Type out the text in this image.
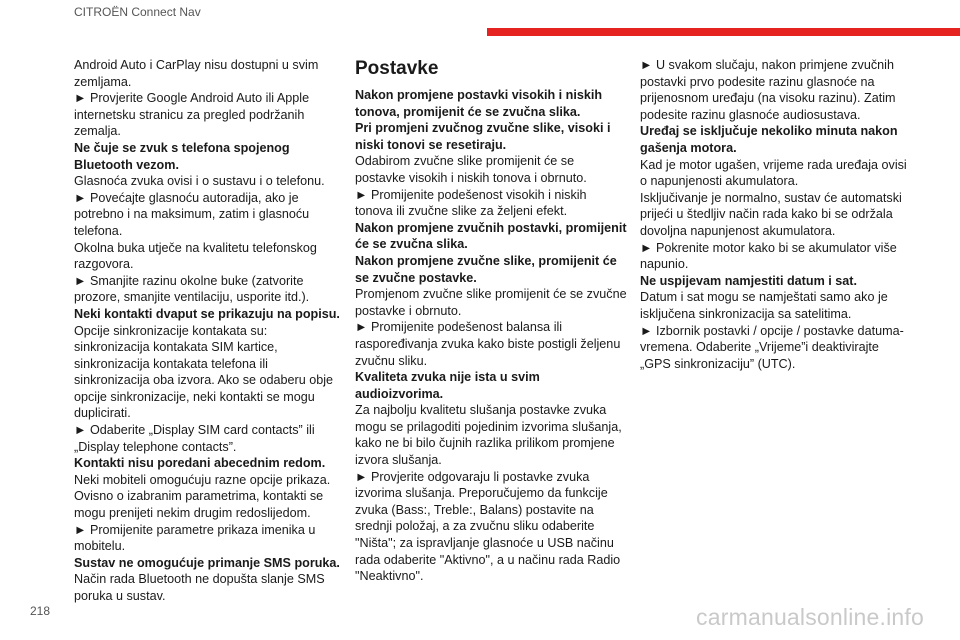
CITROËN Connect Nav

Android Auto i CarPlay nisu dostupni u svim zemljama.

► Provjerite Google Android Auto ili Apple internetsku stranicu za pregled podržanih zemalja.

Ne čuje se zvuk s telefona spojenog Bluetooth vezom.

Glasnoća zvuka ovisi i o sustavu i o telefonu.

► Povećajte glasnoću autoradija, ako je potrebno i na maksimum, zatim i glasnoću telefona.

Okolna buka utječe na kvalitetu telefonskog razgovora.

► Smanjite razinu okolne buke (zatvorite prozore, smanjite ventilaciju, usporite itd.).

Neki kontakti dvaput se prikazuju na popisu.

Opcije sinkronizacije kontakata su: sinkronizacija kontakata SIM kartice, sinkronizacija kontakata telefona ili sinkronizacija oba izvora. Ako se odaberu obje opcije sinkronizacije, neki kontakti se mogu duplicirati.

► Odaberite „Display SIM card contacts” ili „Display telephone contacts”.

Kontakti nisu poredani abecednim redom.

Neki mobiteli omogućuju razne opcije prikaza. Ovisno o izabranim parametrima, kontakti se mogu prenijeti nekim drugim redoslijedom.

► Promijenite parametre prikaza imenika u mobitelu.

Sustav ne omogućuje primanje SMS poruka.

Način rada Bluetooth ne dopušta slanje SMS poruka u sustav.

Postavke

Nakon promjene postavki visokih i niskih tonova, promijenit će se zvučna slika.

Pri promjeni zvučnog zvučne slike, visoki i niski tonovi se resetiraju.

Odabirom zvučne slike promijenit će se postavke visokih i niskih tonova i obrnuto.

► Promijenite podešenost visokih i niskih tonova ili zvučne slike za željeni efekt.

Nakon promjene zvučnih postavki, promijenit će se zvučna slika.

Nakon promjene zvučne slike, promijenit će se zvučne postavke.

Promjenom zvučne slike promijenit će se zvučne postavke i obrnuto.

► Promijenite podešenost balansa ili raspoređivanja zvuka kako biste postigli željenu zvučnu sliku.

Kvaliteta zvuka nije ista u svim audioizvorima.

Za najbolju kvalitetu slušanja postavke zvuka mogu se prilagoditi pojedinim izvorima slušanja, kako ne bi bilo čujnih razlika prilikom promjene izvora slušanja.

► Provjerite odgovaraju li postavke zvuka izvorima slušanja. Preporučujemo da funkcije zvuka (Bass:, Treble:, Balans) postavite na srednji položaj, a za zvučnu sliku odaberite "Ništa"; za ispravljanje glasnoće u USB načinu rada odaberite "Aktivno", a u načinu rada Radio "Neaktivno".

► U svakom slučaju, nakon primjene zvučnih postavki prvo podesite razinu glasnoće na prijenosnom uređaju (na visoku razinu). Zatim podesite razinu glasnoće audiosustava.

Uređaj se isključuje nekoliko minuta nakon gašenja motora.

Kad je motor ugašen, vrijeme rada uređaja ovisi o napunjenosti akumulatora.

Isključivanje je normalno, sustav će automatski prijeći u štedljiv način rada kako bi se održala dovoljna napunjenost akumulatora.

► Pokrenite motor kako bi se akumulator više napunio.

Ne uspijevam namjestiti datum i sat.

Datum i sat mogu se namještati samo ako je isključena sinkronizacija sa satelitima.

► Izbornik postavki / opcije / postavke datuma-vremena. Odaberite „Vrijeme”i deaktivirajte „GPS sinkronizaciju” (UTC).

218	carmanualsonline.info
